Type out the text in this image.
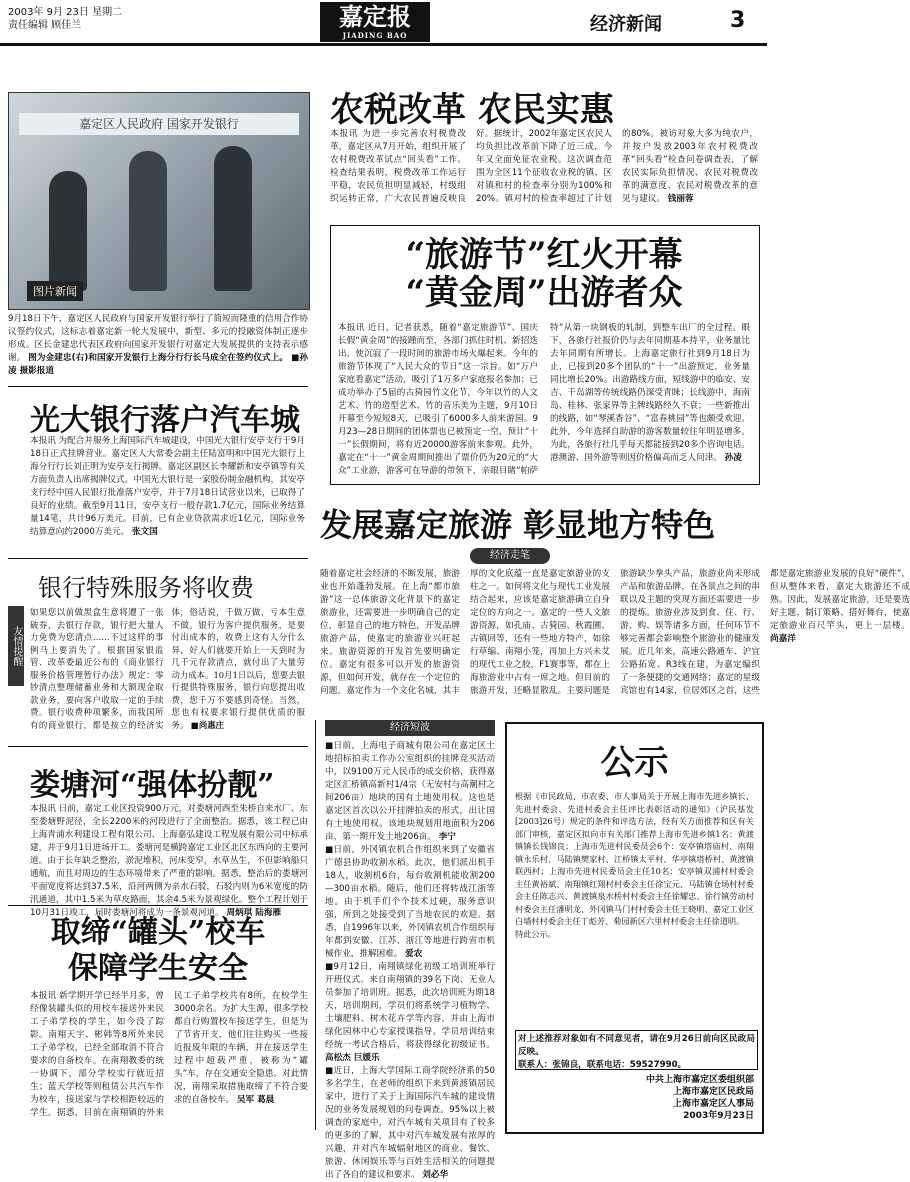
2003年 9月 23日 星期二
责任编辑 顾佳兰	嘉定报
JIADING BAO
经济新闻	3
嘉定区人民政府 国家开发银行
图片新闻
9月18日下午，嘉定区人民政府与国家开发银行举行了简短而隆重的信用合作协议签约仪式，这标志着嘉定新一轮大发展中，新型、多元的投融资体制正逐步形成。区长金建忠代表区政府向国家开发银行对嘉定大发展提供的支持表示感谢。 图为金建忠(右)和国家开发银行上海分行行长马成全在签约仪式上。 ■孙凌 摄影报道
农税改革 农民实惠
本报讯 为进一步完善农村税费改革，嘉定区从7月开始，组织开展了农村税费改革试点“回头看”工作。检查结果表明，税费改革工作运行平稳，农民负担明显减轻，村级组织运转正常，广大农民普遍反映良好。据统计，2002年嘉定区农民人均负担比改革前下降了近三成，今年又全面免征农业税。这次调查范围为全区11个征收农业税的镇、区对镇和村的检查率分别为100%和20%。镇对村的检查率超过了计划的80%。被访对象大多为纯农户，并按户发放2003年农村税费改革“回头看”检查问卷调查表，了解农民实际负担情况、农民对税费改革的满意度、农民对税费改革的意见与建议。 钱丽蓉
“旅游节”红火开幕
“黄金周”出游者众
本报讯 近日，记者获悉，随着“嘉定旅游节”、国庆长假“黄金周”的接踵而至，各部门抓住时机、新招迭出，使沉寂了一段时间的旅游市场火爆起来。今年的旅游节体现了“人民大众的节日”这一宗旨。如“万户家庭看嘉定”活动，吸引了1万多户家庭报名参加；已成功举办了5届的古猗园竹文化节，今年以竹的人文艺术、竹的造型艺术、竹的音乐美为主题，9月10日开幕至今短短8天，已吸引了6000多人前来游园。9月23—28日期间的团体票也已被预定一空，预计“十一”长假期间，将有近20000游客前来参观。此外，嘉定在“十一”黄金周期间推出了票价仍为20元的“大众”工业游，游客可在导游的带领下，亲眼目睹“帕萨特”从第一块钢板的轧制，到整车出厂的全过程。眼下，各旅行社报价仍与去年同期基本持平，业务量比去年同期有所增长。上海嘉定旅行社到9月18日为止，已接到20多个团队的“十一”出游预定，业务量同比增长20%。出游路线方面，短线游中的临安、安吉、千岛湖等传统线路仍深受青睐；长线游中，海南岛、桂林、张家界等主牌线路经久不衰；一些新推出的线路，如“琴溪香谷”、“富春桃园”等也颇受欢迎。此外，今年选择自助游的游客数量较往年明显增多。为此，各旅行社几乎每天都能接到20多个咨询电话。港澳游、国外游等则因价格偏高而乏人问津。 孙凌
光大银行落户汽车城
本报讯 为配合并服务上海国际汽车城建设，中国光大银行安亭支行于9月18日正式挂牌营业。嘉定区人大常委会副主任陆富明和中国光大银行上海分行行长刘正明为安亭支行揭牌。嘉定区副区长李耀新和安亭镇等有关方面负责人出席揭牌仪式。中国光大银行是一家股份制金融机构，其安亭支行经中国人民银行批准落户安亭，并于7月18日试营业以来，已取得了良好的业绩。截至9月11日，安亭支行一般存款1.7亿元，国际业务结算量14笔，共计96万美元。目前，已有企业贷款需求近1亿元，国际业务结算意向约2000万美元。 张文国	发展嘉定旅游 彰显地方特色
经济走笔
随着嘉定社会经济的不断发展，旅游业也开始蓬勃发展。在上海“都市旅游”这一总体旅游文化背景下的嘉定旅游业，还需要进一步明确自己的定位，彰显自己的地方特色，开发品牌旅游产品，使嘉定的旅游业兴旺起来。旅游资源的开发首先要明确定位。嘉定有很多可以开发的旅游资源，但如何开发，就存在一个定位的问题。嘉定作为一个文化名城，其丰厚的文化底蕴一直是嘉定旅游业的支柱之一。如何将文化与现代工业发展结合起来，应该是嘉定旅游确立自身定位的方向之一。嘉定的一些人文旅游资源，如孔庙、古猗园、秋霞圃、古镇回等，还有一些地方特产，如徐行草编、南翔小笼，再加上方兴未艾的现代工业之胶，F1赛事等，都在上海旅游业中占有一席之地。但目前的旅游开发，还略显散乱。主要问题是旅游缺少拳头产品，旅游业尚未形成产品和旅游品牌，在各景点之间的串联以及主题的突现方面还需要进一步的提炼。旅游业涉及到食、住、行、游、购、娱等诸多方面，任何环节不够完善都会影响整个旅游业的健康发展。近几年来，高速公路通车、沪宜公路拓宽、R3线在建，为嘉定编织了一条便捷的交通网络；嘉定的星级宾馆也有14家，位居郊区之首，这些都是嘉定旅游业发展的良好“硬件”，但从整体来看，嘉定大旅游还不成熟。因此，发展嘉定旅游，还是要选好主题、制订策略、搭好舞台，使嘉定旅游业百尺竿头，更上一层楼。 尚嘉洋
银行特殊服务将收费
友情提醒
如果您以前做黑盒生意将遭了一张破券，去银行存款，银行把大量人力免费为您清点……不过这样的事例马上要消失了。根据国家银监管、改革委最近公布的《商业银行服务价格管理暂行办法》规定：零钞清点整理储蓄业务和大额现金取款业务，要向客户收取一定的手续费。银行收费种项繁多，而我国所有的商业银行，都是按立的经济实体，俗话说，千做万做，亏本生意不做。银行为客户提供服务，是要付出成本的，收费上这有人分什么异，好人们就要开始上一天到时为几千元存款清点，就付出了大量劳动力成本。10月1日以后，您要去银行提供特殊服务，银行向您提出收费，您千万不要感到奇怪。当然，您也有权要求银行提供优质的服务。 ■尚惠庄
娄塘河“强体扮靓”
本报讯 日前，嘉定工业区投资900万元，对娄塘河西至朱桥自来水厂、东至娄塘野泥径，全长2200米的河段进行了全面整治。据悉，该工程已由上海青浦水利建设工程有限公司、上海嘉弘建设工程发展有限公司中标承建，并于9月1日进场开工。娄塘河是横跨嘉定工业区北区东西向的主要河道。由于长年缺乏整治，淤泥堆积，河床变窄，水草丛生，不但影响船只通航，而且对周边的生态环境带来了严重的影响。据悉，整治后的娄塘河平面宽度将达到37.5米，沿河两侧为亲水石驳，石驳内则为6米宽度的防汛通道，其中1.5米为草皮路面，其余4.5米为景观绿化。整个工程计划于10月31日竣工，届时娄塘河将成为一条景观河道。 周炳琪 陆海雁
取缔“罐头”校车
保障学生安全
本报讯 新学期开学已经半月多，曾经像装罐头似的用校车接送外来民工子弟学校的学生，如今没了踪影。南翔天宇、彬韩等8所外来民工子弟学校，已经全部取消不符合要求的自备校车。在南翔教委的统一协调下，部分学校实行就近招生；蓝天学校等则租赁公共汽车作为校车，接送家与学校相距较远的学生。据悉，目前在南翔镇的外来民工子弟学校共有8所，在校学生3000余名。为扩大生源，很多学校都自行购置校车接送学生，但是为了节省开支，他们往往购买一些接近报废年限的车辆，并在接送学生过程中超载严重，被称为“罐头”车，存在交通安全隐患。对此情况，南翔采取措施取缔了不符合要求的自备校车。 吴军 葛晨
经济短波
■日前，上海电子商城有限公司在嘉定区土地招标拍卖工作办公室组织的挂牌竞买活动中，以9100万元人民币的成交价格，获得嘉定区汇桥镇高新村1/4宗（无安村与高潮村之间206亩）地块的国有土地使用权。这也是嘉定区首次以公开挂牌拍卖的形式，出让国有土地使用权。该地块规划用地面积为206亩，第一期开发土地206亩。 李宁
■日前，外冈镇农机合作组织来到了安徽省广德县协助收割水稻。此次，他们派出机手18人，收割机6台，每台收割机能收割200—300亩水稻。随后，他们还将转战江浙等地。由于机手们个个技术过硬，服务意识强，所到之处接受到了当地农民的欢迎。据悉，自1996年以来，外冈镇农机合作组织每年都到安徽、江苏、浙江等地进行跨省市机械作业，推解困难。 爱农
■9月12日，南翔镇绿化初级工培训班举行开班仪式。来自南翔镇的39名下岗、无业人员参加了培训班。据悉，此次培训班为期18天，培训期间，学员们将系统学习植物学、土壤肥料、树木花卉学等内容，并由上海市绿化园林中心专家授课指导。学员培训结束经统一考试合格后，将获得绿化初级证书。 高松杰 巨媛乐
■近日，上海大学国际工商学院经济系的50多名学生，在老师的组织下来到黄渡镇居民家中，进行了关于上海国际汽车城的建设情况的业务发展规划的问卷调查。95%以上被调查的家庭中，对汽车城有关项目有了较多的更多的了解，其中对汽车城发展有浓厚的兴趣，并对汽车城辐射地区的商业、餐饮、旅游、休闲娱乐等与百姓生活相关的问题提出了各自的建议和要求。 刘必华
公示
根据《市民政局、市农委、市人事局关于开展上海市先进乡镇长、先进村委会、先进村委会主任评比表彰活动的通知》（沪民基发[2003]26号）规定的条件和评选方法，经有关方面推荐和区有关部门审核，嘉定区拟向市有关部门推荐上海市先进乡镇1名：黄渡镇镇长钱锦良；上海市先进村民委员会6个：安亭镇塔庙村、南翔镇永乐村、马陆镇樊家村、江桥镇太平村、华亭镇塔桥村、黄渡镇联西村；上海市先进村民委员会主任10名：安亭镇双浦村村委会主任黄裕斌、南翔镇红翔村村委会主任徐宝元、马陆镇仓场村村委会主任陈志兴、黄渡镇泉水桥村村委会主任徐耀忠、徐行镇劳动村村委会主任潘明龙、外冈镇马门村村委会主任王晓明、嘉定工业区白墙村村委会主任丁彪芳、菊园新区六里村村委会主任徐道明。
特此公示。
对上述推荐对象如有不同意见者，请在9月26日前向区民政局反映。
联系人：张锦良，联系电话：59527990。
中共上海市嘉定区委组织部
上海市嘉定区民政局
上海市嘉定区人事局
2003年9月23日
